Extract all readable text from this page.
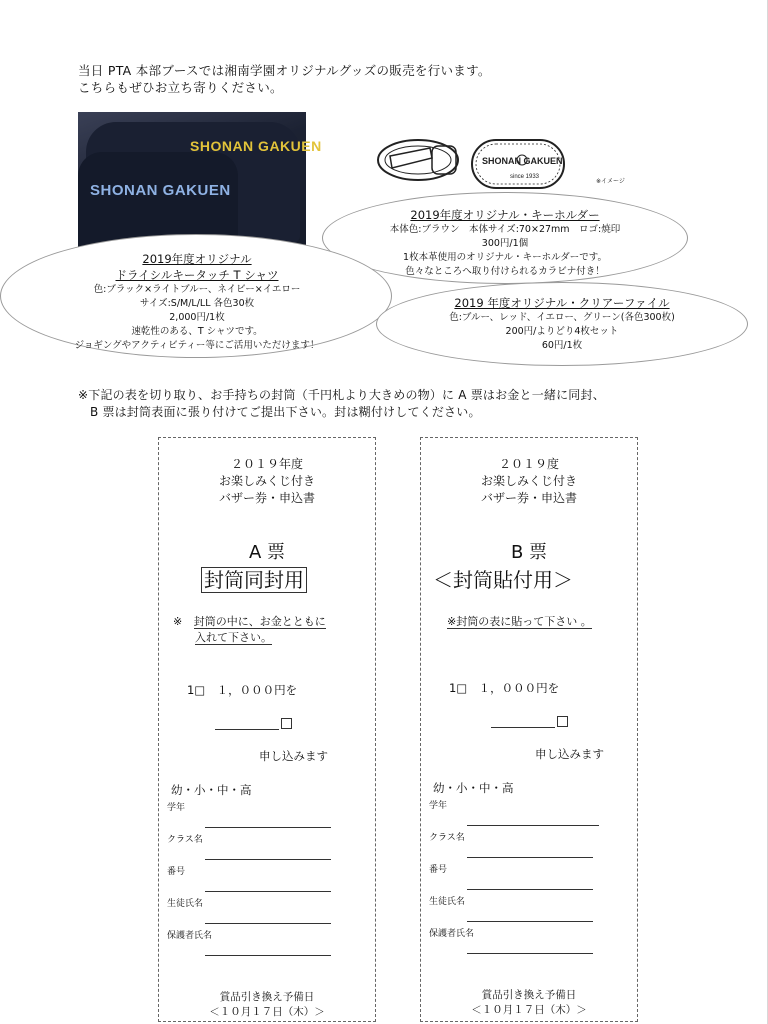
当日 PTA 本部ブースでは湘南学園オリジナルグッズの販売を行います。
こちらもぜひお立ち寄りください。
SHONAN GAKUEN
SHONAN GAKUEN
SHONAN GAKUEN
since 1933
※イメージ
2019年度オリジナル・キーホルダー
本体色:ブラウン　本体サイズ:70×27mm　ロゴ:焼印
300円/1個
1枚本革使用のオリジナル・キーホルダーです。
色々なところへ取り付けられるカラビナ付き！
2019年度オリジナル
ドライシルキータッチ T シャツ
色:ブラック×ライトブルー、ネイビー×イエロー
サイズ:S/M/L/LL 各色30枚
2,000円/1枚
速乾性のある、T シャツです。
ジョギングやアクティビティー等にご活用いただけます！
2019 年度オリジナル・クリアーファイル
色:ブルー、レッド、イエロー、グリーン(各色300枚)
200円/よりどり4枚セット
60円/1枚
※下記の表を切り取り、お手持ちの封筒（千円札より大きめの物）に A 票はお金と一緒に同封、
B 票は封筒表面に張り付けてご提出下さい。封は糊付けしてください。
２０１９年度
お楽しみくじ付き
バザー券・申込書
A 票
封筒同封用
※ 封筒の中に、お金とともに
入れて下さい。
1□　１，０００円を
申し込みます
幼・小・中・高
学年
クラス名
番号
生徒氏名
保護者氏名
賞品引き換え予備日
＜１０月１７日（木）＞
２０１９度
お楽しみくじ付き
バザー券・申込書
B 票
＜封筒貼付用＞
※封筒の表に貼って下さい 。
1□　１，０００円を
申し込みます
幼・小・中・高
学年
クラス名
番号
生徒氏名
保護者氏名
賞品引き換え予備日
＜１０月１７日（木）＞
